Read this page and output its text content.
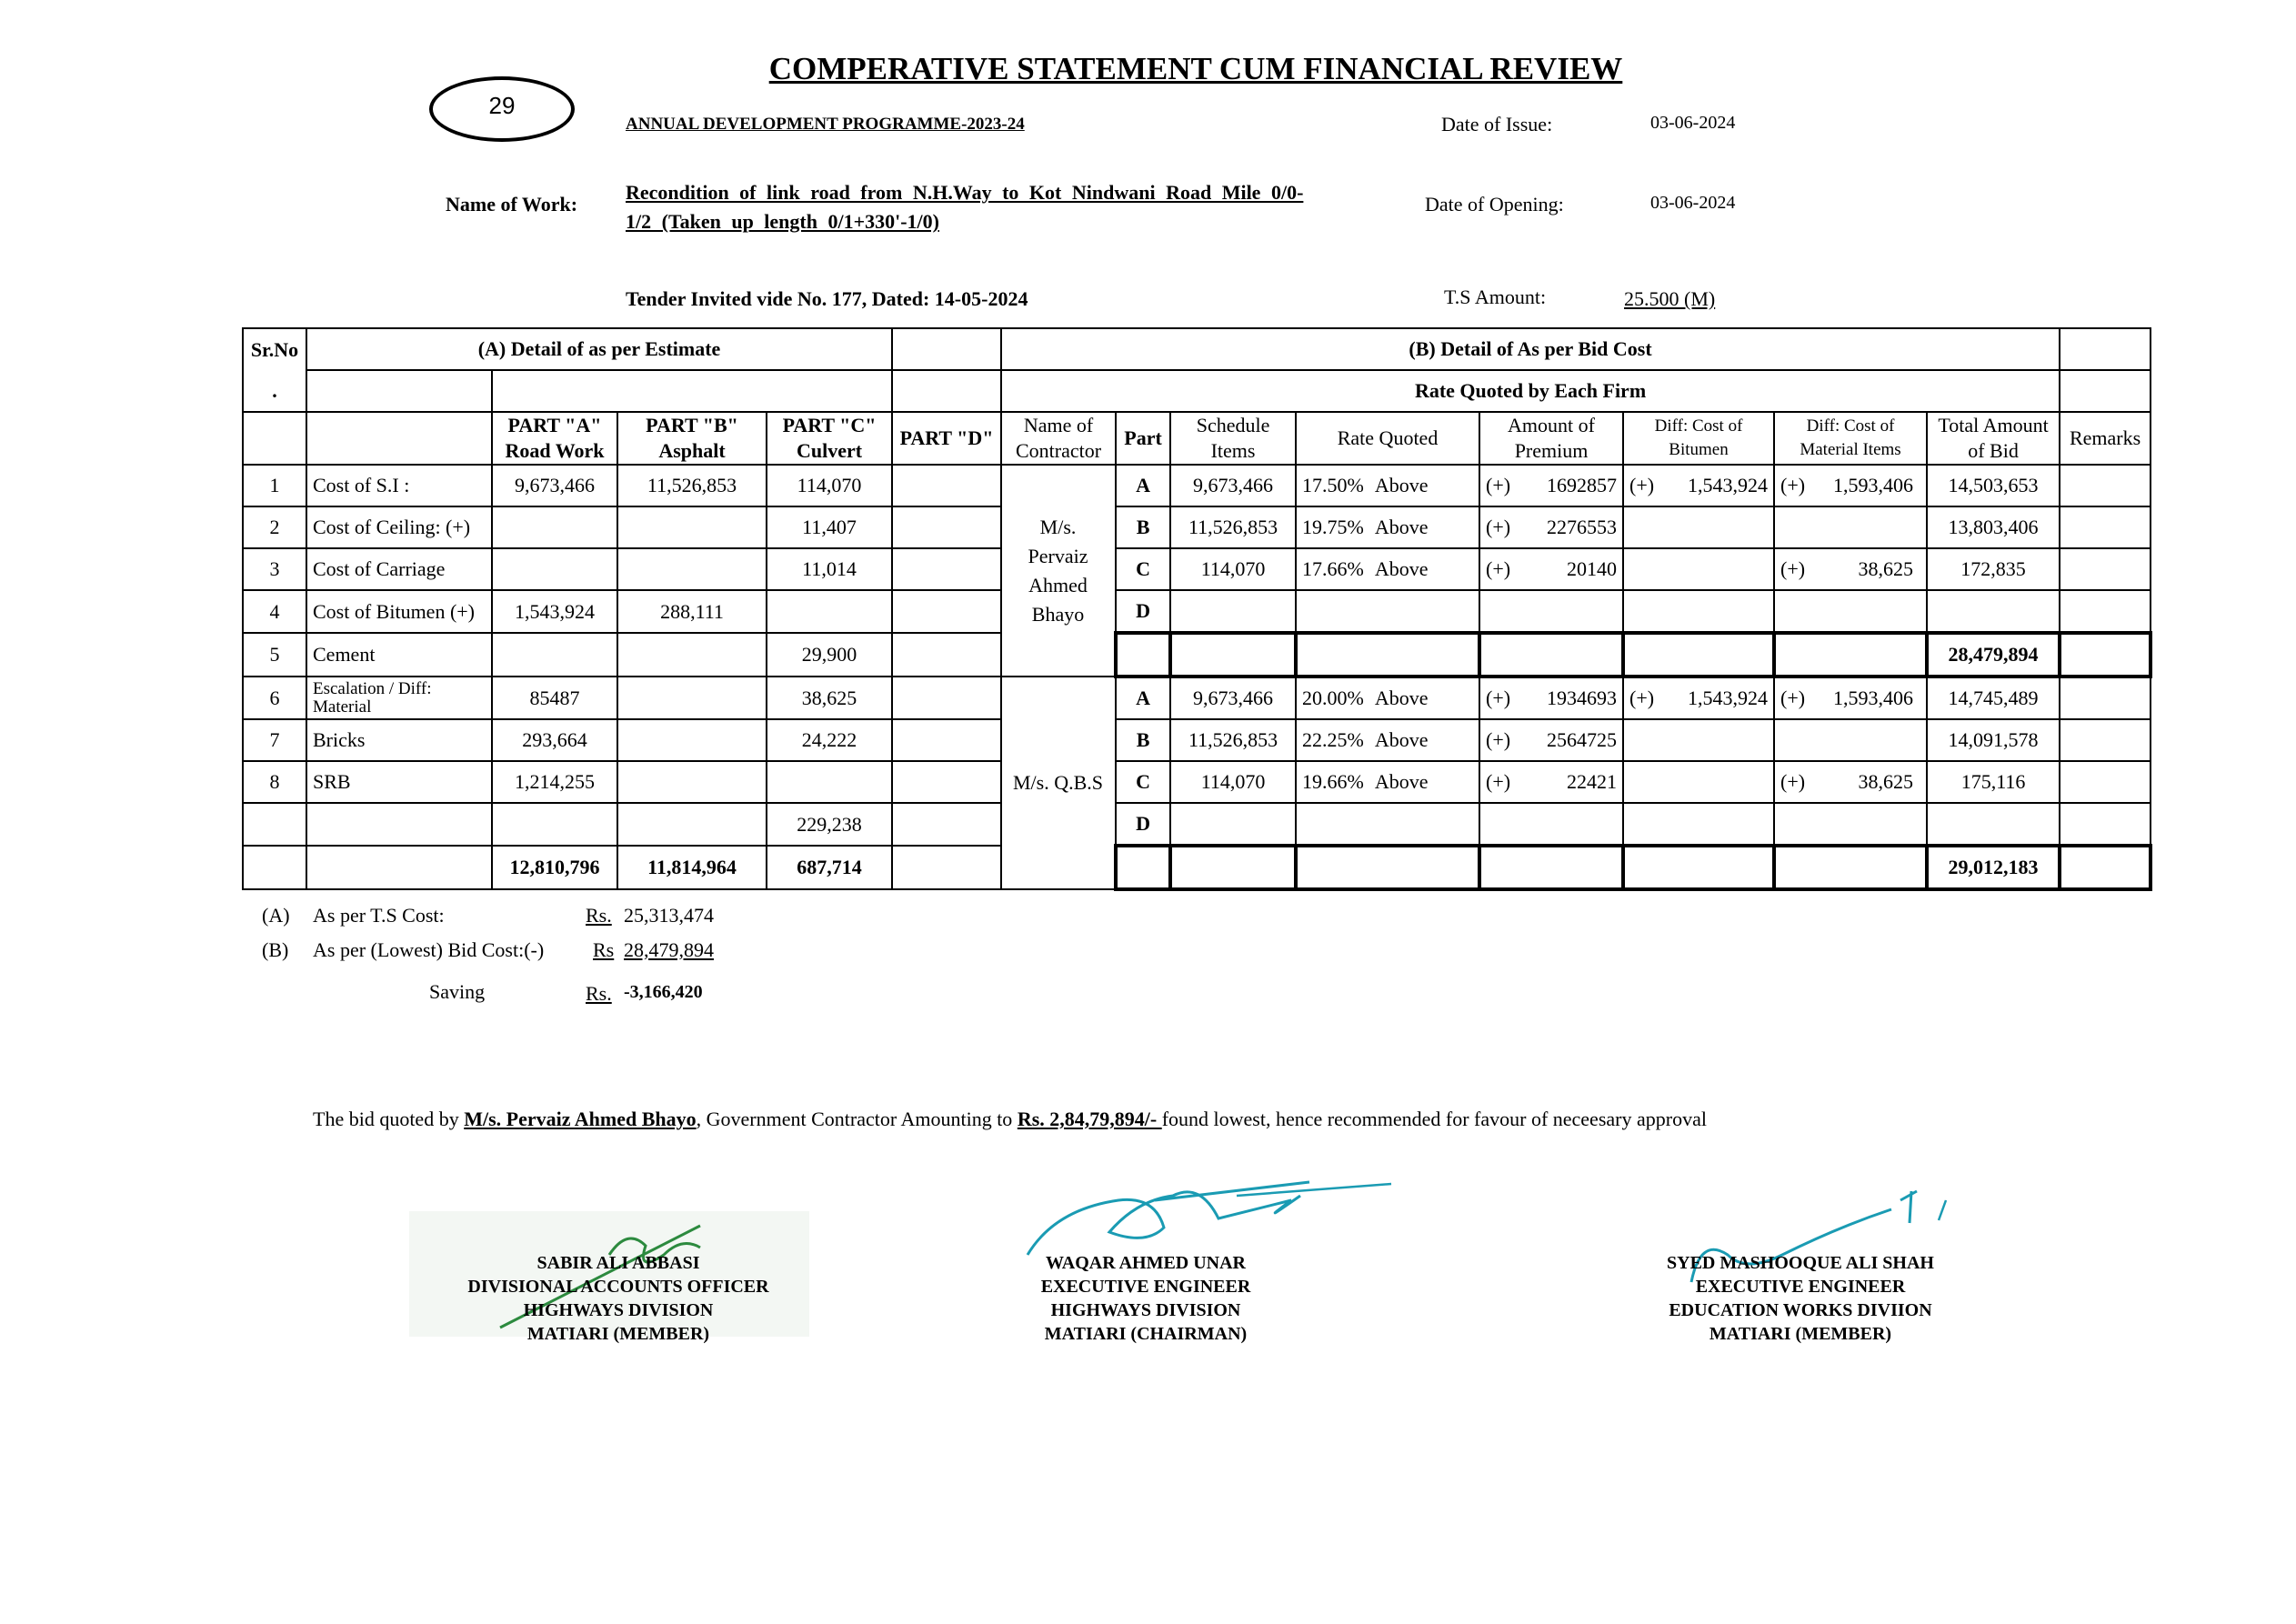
COMPERATIVE STATEMENT CUM FINANCIAL REVIEW
29
ANNUAL DEVELOPMENT PROGRAMME-2023-24	Date of Issue:	03-06-2024
Name of Work:
Recondition of link road from N.H.Way to Kot Nindwani Road Mile 0/0-1/2 (Taken up length 0/1+330'-1/0)
Date of Opening:	03-06-2024
Tender Invited vide No. 177, Dated: 14-05-2024	T.S Amount:	25.500 (M)
Sr.No	(A) Detail of as per Estimate					(B) Detail of As per Bid Cost								
.						Rate Quoted by Each Firm								
		PART "A" Road Work	PART "B" Asphalt	PART "C" Culvert	PART "D"	Name of Contractor	Part	Schedule Items	Rate Quoted	Amount of Premium	Diff: Cost of Bitumen	Diff: Cost of Material Items	Total Amount of Bid	Remarks
1	Cost of S.I :	9,673,466	11,526,853	114,070		M/s. Pervaiz Ahmed Bhayo	A	9,673,466	17.50% Above	(+) 1692857	(+) 1,543,924	(+) 1,593,406	14,503,653	
2	Cost of Ceiling: (+)			11,407			B	11,526,853	19.75% Above	(+) 2276553			13,803,406	
3	Cost of Carriage			11,014			C	114,070	17.66% Above	(+) 20140		(+) 38,625	172,835	
4	Cost of Bitumen (+)	1,543,924	288,111				D			

5	Cement			29,900									28,479,894	
6	Escalation / Diff: Material	85487		38,625		M/s. Q.B.S	A	9,673,466	20.00% Above	(+) 1934693	(+) 1,543,924	(+) 1,593,406	14,745,489	
7	Bricks	293,664		24,222			B	11,526,853	22.25% Above	(+) 2564725			14,091,578	
8	SRB	1,214,255					C	114,070	19.66% Above	(+) 22421		(+) 38,625	175,116	
				229,238			D			

		12,810,796	11,814,964	687,714									29,012,183	
(A) As per T.S Cost:	Rs. 25,313,474
(B) As per (Lowest) Bid Cost:(-) Rs 28,479,894
Saving	Rs. -3,166,420
The bid quoted by M/s. Pervaiz Ahmed Bhayo, Government Contractor Amounting to Rs. 2,84,79,894/- found lowest, hence recommended for favour of neceesary approval
SABIR ALI ABBASI
DIVISIONAL ACCOUNTS OFFICER
HIGHWAYS DIVISION
MATIARI (MEMBER)
WAQAR AHMED UNAR
EXECUTIVE ENGINEER
HIGHWAYS DIVISION
MATIARI (CHAIRMAN)
SYED MASHOOQUE ALI SHAH
EXECUTIVE ENGINEER
EDUCATION WORKS DIVIION
MATIARI (MEMBER)
